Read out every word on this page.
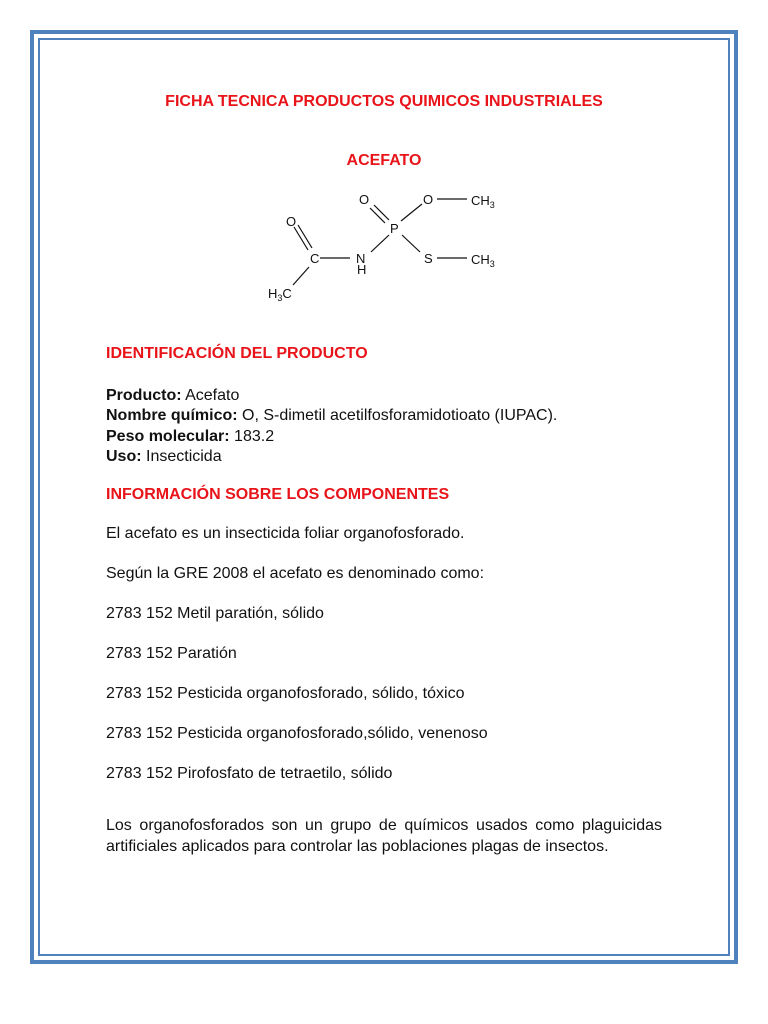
FICHA TECNICA PRODUCTOS QUIMICOS INDUSTRIALES
ACEFATO
O
P
O	$CH_3$
O
C	N
H
S	$CH_3$
$H_3C$
IDENTIFICACIÓN DEL PRODUCTO
Producto: Acefato
Nombre químico: O, S-dimetil acetilfosforamidotioato (IUPAC).
Peso molecular: 183.2
Uso: Insecticida
INFORMACIÓN SOBRE LOS COMPONENTES
El acefato es un insecticida foliar organofosforado.
Según la GRE 2008 el acefato es denominado como:
2783 152 Metil paratión, sólido
2783 152 Paratión
2783 152 Pesticida organofosforado, sólido, tóxico
2783 152 Pesticida organofosforado,sólido, venenoso
2783 152 Pirofosfato de tetraetilo, sólido
Los organofosforados son un grupo de químicos usados como plaguicidas artificiales aplicados para controlar las poblaciones plagas de insectos.
